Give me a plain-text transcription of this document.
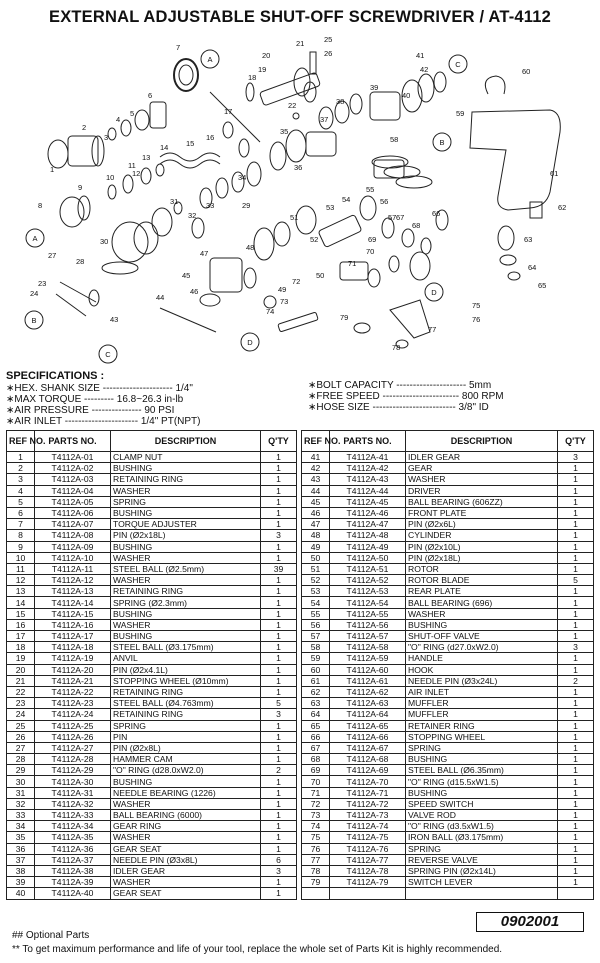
EXTERNAL ADJUSTABLE SHUT-OFF SCREWDRIVER / AT-4112
A
A
B
B
C
C
D
D
1
2
3
4
5
6
7
8
9
10
11
12
13
14 15
16
17
18
19
20
21
22
23
24
25
26
27
28
29
30
31
32
33
34
35
36
37
38
39
40
41
42
43
44
45
46
47
48
49
50
51
52
53
54
55
56
57
58
59
60
61
62
63
64
65
66
67
68
69
70
71
72
73
74
75
76
77
78
79
SPECIFICATIONS :
∗HEX. SHANK SIZE --------------------- 1/4"
∗MAX TORQUE --------- 16.8~26.3 in-lb
∗AIR PRESSURE --------------- 90 PSI
∗AIR INLET ---------------------- 1/4" PT(NPT)
∗BOLT CAPACITY --------------------- 5mm
∗FREE SPEED ----------------------- 800 RPM
∗HOSE SIZE ------------------------- 3/8" ID
REF NO.	PARTS NO.	DESCRIPTION	Q'TY
1	T4112A-01	CLAMP NUT	1
2	T4112A-02	BUSHING	1
3	T4112A-03	RETAINING RING	1
4	T4112A-04	WASHER	1
5	T4112A-05	SPRING	1
6	T4112A-06	BUSHING	1
7	T4112A-07	TORQUE ADJUSTER	1
8	T4112A-08	PIN (Ø2x18L)	3
9	T4112A-09	BUSHING	1
10	T4112A-10	WASHER	1
11	T4112A-11	STEEL BALL (Ø2.5mm)	39
12	T4112A-12	WASHER	1
13	T4112A-13	RETAINING RING	1
14	T4112A-14	SPRING (Ø2.3mm)	1
15	T4112A-15	BUSHING	1
16	T4112A-16	WASHER	1
17	T4112A-17	BUSHING	1
18	T4112A-18	STEEL BALL (Ø3.175mm)	1
19	T4112A-19	ANVIL	1
20	T4112A-20	PIN (Ø2x4.1L)	1
21	T4112A-21	STOPPING WHEEL (Ø10mm)	1
22	T4112A-22	RETAINING RING	1
23	T4112A-23	STEEL BALL (Ø4.763mm)	5
24	T4112A-24	RETAINING RING	3
25	T4112A-25	SPRING	1
26	T4112A-26	PIN	1
27	T4112A-27	PIN (Ø2x8L)	1
28	T4112A-28	HAMMER CAM	1
29	T4112A-29	"O" RING (d28.0xW2.0)	2
30	T4112A-30	BUSHING	1
31	T4112A-31	NEEDLE BEARING (1226)	1
32	T4112A-32	WASHER	1
33	T4112A-33	BALL BEARING (6000)	1
34	T4112A-34	GEAR RING	1
35	T4112A-35	WASHER	1
36	T4112A-36	GEAR SEAT	1
37	T4112A-37	NEEDLE PIN (Ø3x8L)	6
38	T4112A-38	IDLER GEAR	3
39	T4112A-39	WASHER	1
40	T4112A-40	GEAR SEAT	1
REF NO.	PARTS NO.	DESCRIPTION	Q'TY
41	T4112A-41	IDLER GEAR	3
42	T4112A-42	GEAR	1
43	T4112A-43	WASHER	1
44	T4112A-44	DRIVER	1
45	T4112A-45	BALL BEARING (606ZZ)	1
46	T4112A-46	FRONT PLATE	1
47	T4112A-47	PIN (Ø2x6L)	1
48	T4112A-48	CYLINDER	1
49	T4112A-49	PIN (Ø2x10L)	1
50	T4112A-50	PIN (Ø2x18L)	1
51	T4112A-51	ROTOR	1
52	T4112A-52	ROTOR BLADE	5
53	T4112A-53	REAR PLATE	1
54	T4112A-54	BALL BEARING (696)	1
55	T4112A-55	WASHER	1
56	T4112A-56	BUSHING	1
57	T4112A-57	SHUT-OFF VALVE	1
58	T4112A-58	"O" RING (d27.0xW2.0)	3
59	T4112A-59	HANDLE	1
60	T4112A-60	HOOK	1
61	T4112A-61	NEEDLE PIN (Ø3x24L)	2
62	T4112A-62	AIR INLET	1
63	T4112A-63	MUFFLER	1
64	T4112A-64	MUFFLER	1
65	T4112A-65	RETAINER RING	1
66	T4112A-66	STOPPING WHEEL	1
67	T4112A-67	SPRING	1
68	T4112A-68	BUSHING	1
69	T4112A-69	STEEL BALL (Ø6.35mm)	1
70	T4112A-70	"O" RING (d15.5xW1.5)	1
71	T4112A-71	BUSHING	1
72	T4112A-72	SPEED SWITCH	1
73	T4112A-73	VALVE ROD	1
74	T4112A-74	"O" RING (d3.5xW1.5)	1
75	T4112A-75	IRON BALL (Ø3.175mm)	1
76	T4112A-76	SPRING	1
77	T4112A-77	REVERSE VALVE	1
78	T4112A-78	SPRING PIN (Ø2x14L)	1
79	T4112A-79	SWITCH LEVER	1

0902001
## Optional Parts
** To get maximum performance and life of your tool, replace the whole set of Parts Kit is highly recommended.
